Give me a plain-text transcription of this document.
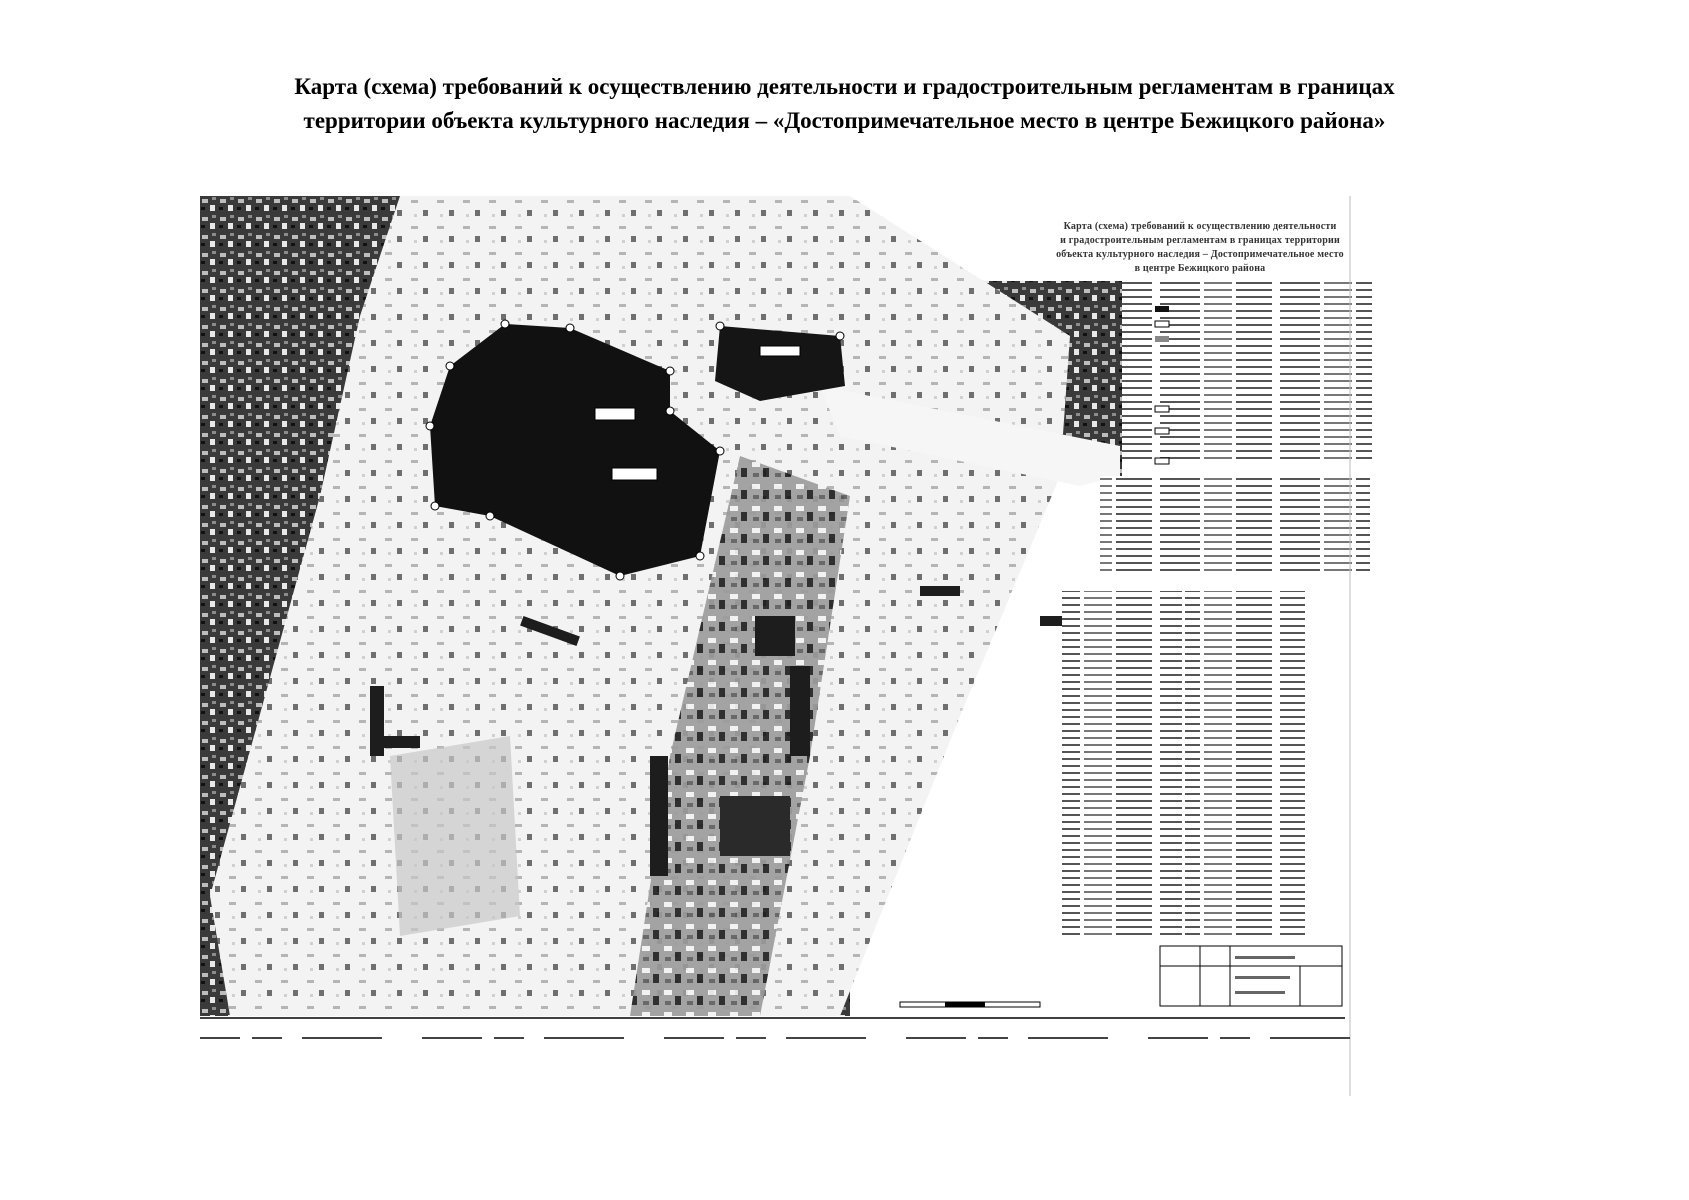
Карта (схема) требований к осуществлению деятельности и градостроительным регламентам в границах
территории объекта культурного наследия – «Достопримечательное место в центре Бежицкого района»
Карта (схема) требований к осуществлению деятельности
и градостроительным регламентам в границах территории
объекта культурного наследия – Достопримечательное место
в центре Бежицкого района
